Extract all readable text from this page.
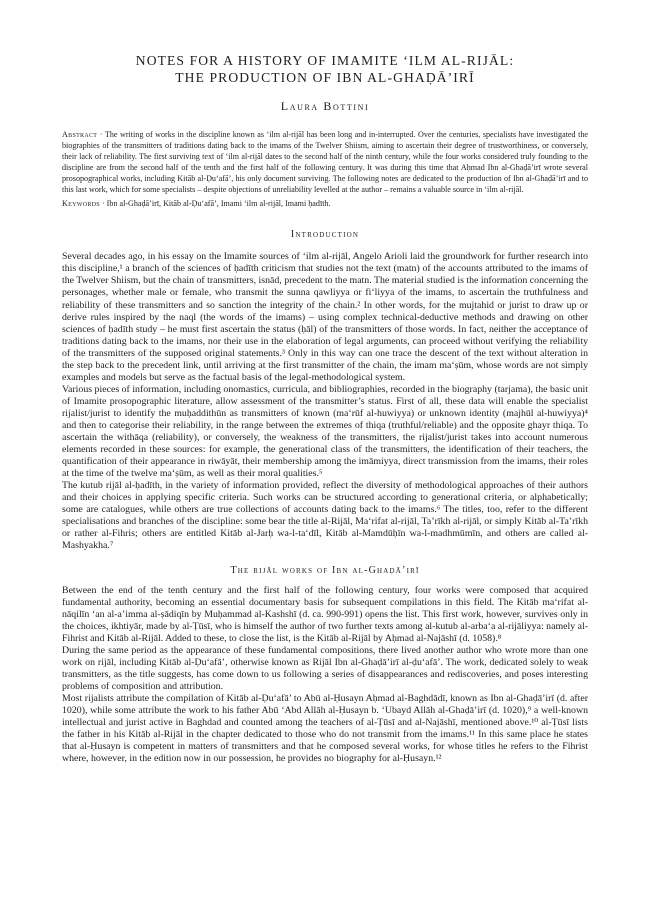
NOTES FOR A HISTORY OF IMAMITE ‘ILM AL-RIJĀL:
THE PRODUCTION OF IBN AL-GHAḌĀ’IRĪ
Laura Bottini

Abstract · The writing of works in the discipline known as ‘ilm al-rijāl has been long and in-interrupted. Over the centuries, specialists have investigated the biographies of the transmitters of traditions dating back to the imams of the Twelver Shiism, aiming to ascertain their degree of trustworthiness, or conversely, their lack of reliability. The first surviving text of ‘ilm al-rijāl dates to the second half of the ninth century, while the four works considered truly founding to the discipline are from the second half of the tenth and the first half of the following century. It was during this time that Aḥmad Ibn al-Ghaḍā’irī wrote several prosopographical works, including Kitāb al-Ḍu‘afā’, his only document surviving. The following notes are dedicated to the production of Ibn al-Ghaḍā’irī and to this last work, which for some specialists – despite objections of unreliability levelled at the author – remains a valuable source in ‘ilm al-rijāl.

Keywords · Ibn al-Ghaḍā’irī, Kitāb al-Ḍu‘afā’, Imami ‘ilm al-rijāl, Imami ḥadīth.

Introduction

Several decades ago, in his essay on the Imamite sources of ‘ilm al-rijāl, Angelo Arioli laid the groundwork for further research into this discipline,¹ a branch of the sciences of ḥadīth criticism that studies not the text (matn) of the accounts attributed to the imams of the Twelver Shiism, but the chain of transmitters, isnād, precedent to the matn. The material studied is the information concerning the personages, whether male or female, who transmit the sunna qawliyya or fi‘liyya of the imams, to ascertain the truthfulness and reliability of these transmitters and so sanction the integrity of the chain.² In other words, for the mujtahid or jurist to draw up or derive rules inspired by the naql (the words of the imams) – using complex technical-deductive methods and drawing on other sciences of ḥadīth study – he must first ascertain the status (ḥāl) of the transmitters of those words. In fact, neither the acceptance of traditions dating back to the imams, nor their use in the elaboration of legal arguments, can proceed without verifying the reliability of the transmitters of the supposed original statements.³ Only in this way can one trace the descent of the text without alteration in the step back to the precedent link, until arriving at the first transmitter of the chain, the imam ma‘ṣūm, whose words are not simply examples and models but serve as the factual basis of the legal-methodological system.

Various pieces of information, including onomastics, curricula, and bibliographies, recorded in the biography (tarjama), the basic unit of Imamite prosopographic literature, allow assessment of the transmitter’s status. First of all, these data will enable the specialist rijalist/jurist to identify the muḥaddithūn as transmitters of known (ma‘rūf al-huwiyya) or unknown identity (majhūl al-huwiyya)⁴ and then to categorise their reliability, in the range between the extremes of thiqa (truthful/reliable) and the opposite ghayr thiqa. To ascertain the withāqa (reliability), or conversely, the weakness of the transmitters, the rijalist/jurist takes into account numerous elements recorded in these sources: for example, the generational class of the transmitters, the identification of their teachers, the quantification of their appearance in riwāyāt, their membership among the imāmiyya, direct transmission from the imams, their roles at the time of the twelve ma‘ṣūm, as well as their moral qualities.⁵

The kutub rijāl al-ḥadīth, in the variety of information provided, reflect the diversity of methodological approaches of their authors and their choices in applying specific criteria. Such works can be structured according to generational criteria, or alphabetically; some are catalogues, while others are true collections of accounts dating back to the imams.⁶ The titles, too, refer to the different specialisations and branches of the discipline: some bear the title al-Rijāl, Ma‘rifat al-rijāl, Ta’rīkh al-rijāl, or simply Kitāb al-Ta’rīkh or rather al-Fihris; others are entitled Kitāb al-Jarḥ wa-l-ta‘dīl, Kitāb al-Mamdūḥīn wa-l-madhmūmīn, and others are called al-Mashyakha.⁷

The rijāl works of Ibn al-Ghaḍā’irī

Between the end of the tenth century and the first half of the following century, four works were composed that acquired fundamental authority, becoming an essential documentary basis for subsequent compilations in this field. The Kitāb ma‘rifat al-nāqilīn ‘an al-a’imma al-ṣādiqīn by Muḥammad al-Kashshī (d. ca. 990-991) opens the list. This first work, however, survives only in the choices, ikhtiyār, made by al-Ṭūsī, who is himself the author of two further texts among al-kutub al-arba‘a al-rijāliyya: namely al-Fihrist and Kitāb al-Rijāl. Added to these, to close the list, is the Kitāb al-Rijāl by Aḥmad al-Najāshī (d. 1058).⁸

During the same period as the appearance of these fundamental compositions, there lived another author who wrote more than one work on rijāl, including Kitāb al-Ḍu‘afā’, otherwise known as Rijāl Ibn al-Ghaḍā’irī al-ḍu‘afā’. The work, dedicated solely to weak transmitters, as the title suggests, has come down to us following a series of disappearances and rediscoveries, and poses interesting problems of composition and attribution.

Most rijalists attribute the compilation of Kitāb al-Ḍu‘afā’ to Abū al-Ḥusayn Aḥmad al-Baghdādī, known as Ibn al-Ghaḍā’irī (d. after 1020), while some attribute the work to his father Abū ‘Abd Allāh al-Ḥusayn b. ‘Ubayd Allāh al-Ghaḍā’irī (d. 1020),⁹ a well-known intellectual and jurist active in Baghdad and counted among the teachers of al-Ṭūsī and al-Najāshī, mentioned above.¹⁰ al-Ṭūsī lists the father in his Kitāb al-Rijāl in the chapter dedicated to those who do not transmit from the imams.¹¹ In this same place he states that al-Ḥusayn is competent in matters of transmitters and that he composed several works, for whose titles he refers to the Fihrist where, however, in the edition now in our possession, he provides no biography for al-Ḥusayn.¹²
